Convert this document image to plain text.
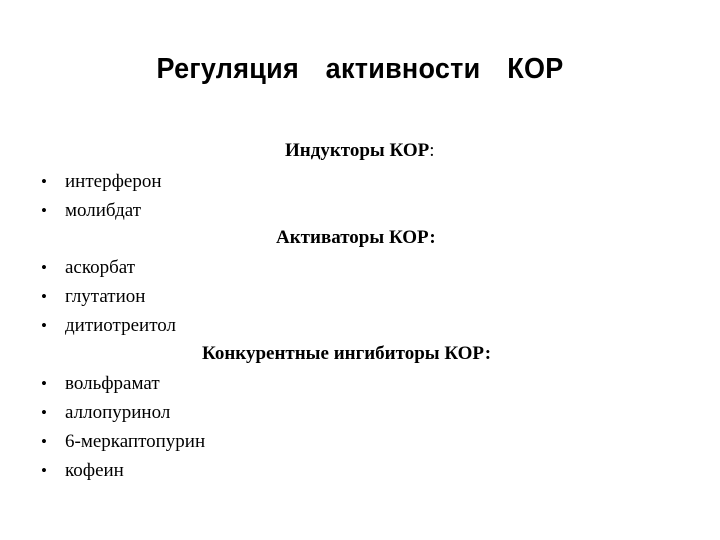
Регуляция  активности  КОР
Индукторы КОР:
• интерферон
• молибдат
Активаторы КОР:
• аскорбат
• глутатион
• дитиотреитол
Конкурентные ингибиторы КОР:
• вольфрамат
• аллопуринол
• 6-меркаптопурин
• кофеин
